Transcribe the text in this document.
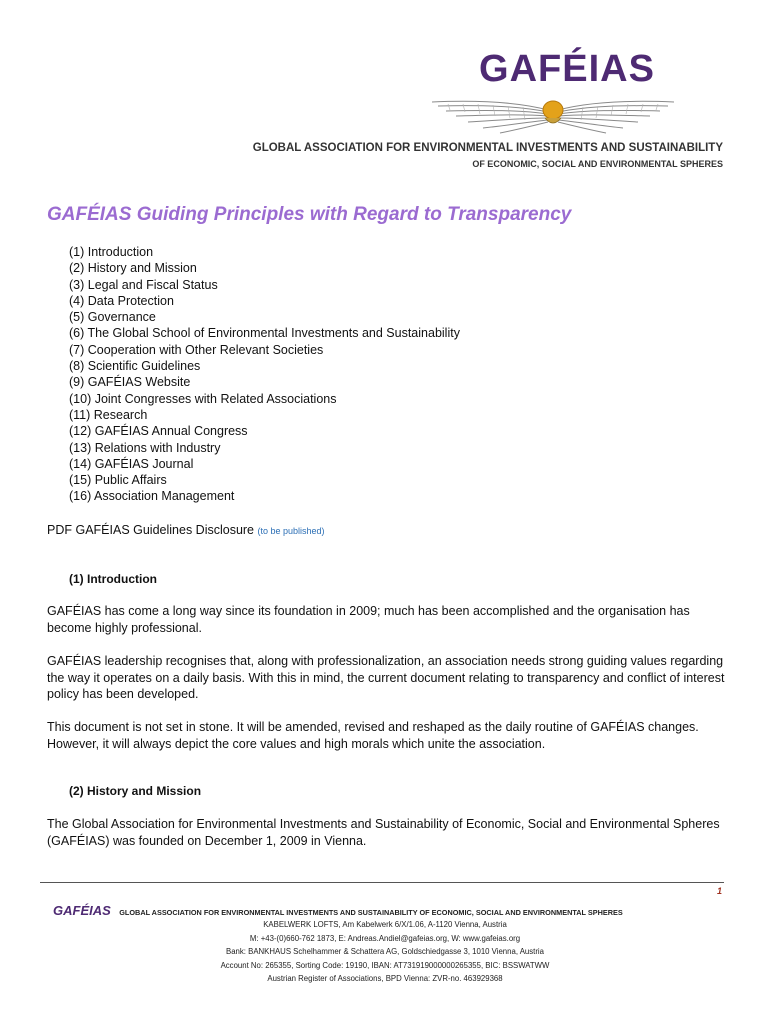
GAFÉIAS
GLOBAL ASSOCIATION FOR ENVIRONMENTAL INVESTMENTS AND SUSTAINABILITY
OF ECONOMIC, SOCIAL AND ENVIRONMENTAL SPHERES
GAFÉIAS Guiding Principles with Regard to Transparency
(1) Introduction
(2) History and Mission
(3) Legal and Fiscal Status
(4) Data Protection
(5) Governance
(6) The Global School of Environmental Investments and Sustainability
(7) Cooperation with Other Relevant Societies
(8) Scientific Guidelines
(9) GAFÉIAS Website
(10) Joint Congresses with Related Associations
(11) Research
(12) GAFÉIAS Annual Congress
(13) Relations with Industry
(14) GAFÉIAS Journal
(15) Public Affairs
(16) Association Management
PDF GAFÉIAS Guidelines Disclosure (to be published)
(1) Introduction
GAFÉIAS has come a long way since its foundation in 2009; much has been accomplished and the organisation has become highly professional.
GAFÉIAS leadership recognises that, along with professionalization, an association needs strong guiding values regarding the way it operates on a daily basis. With this in mind, the current document relating to transparency and conflict of interest policy has been developed.
This document is not set in stone. It will be amended, revised and reshaped as the daily routine of GAFÉIAS changes. However, it will always depict the core values and high morals which unite the association.
(2) History and Mission
The Global Association for Environmental Investments and Sustainability of Economic, Social and Environmental Spheres (GAFÉIAS) was founded on December 1, 2009 in Vienna.
1
GAFÉIAS GLOBAL ASSOCIATION FOR ENVIRONMENTAL INVESTMENTS AND SUSTAINABILITY OF ECONOMIC, SOCIAL AND ENVIRONMENTAL SPHERES
KABELWERK LOFTS, Am Kabelwerk 6/X/1.06, A-1120 Vienna, Austria
M: +43-(0)660-762 1873, E: Andreas.Andiel@gafeias.org, W: www.gafeias.org
Bank: BANKHAUS Schelhammer & Schattera AG, Goldschiedgasse 3, 1010 Vienna, Austria
Account No: 265355, Sorting Code: 19190, IBAN: AT731919000000265355, BIC: BSSWATWW
Austrian Register of Associations, BPD Vienna: ZVR-no. 463929368
